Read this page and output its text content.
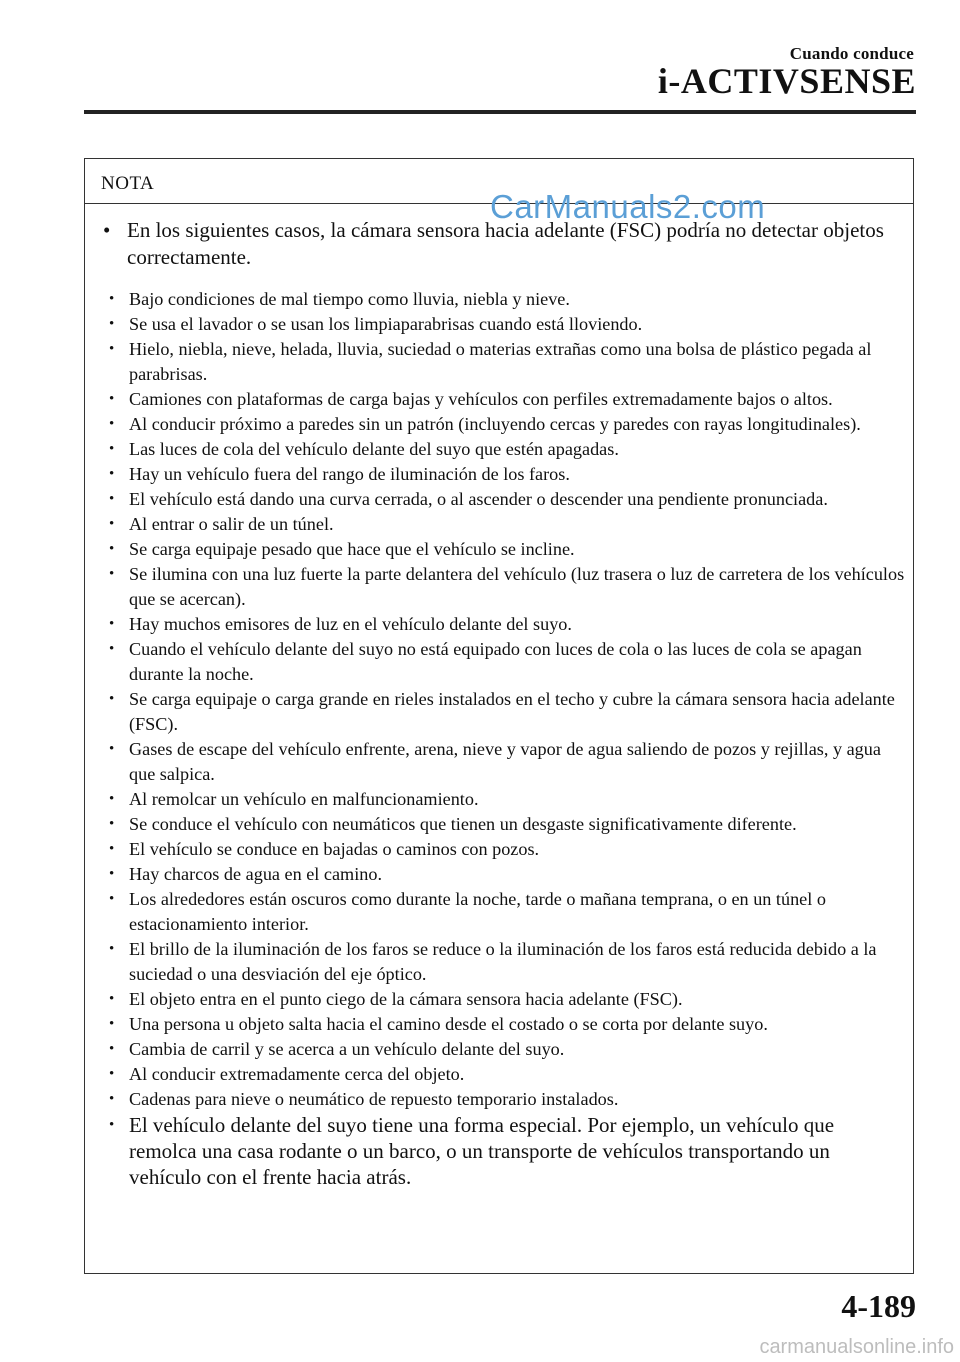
Cuando conduce
i-ACTIVSENSE
NOTA
• En los siguientes casos, la cámara sensora hacia adelante (FSC) podría no detectar objetos correctamente.
• Bajo condiciones de mal tiempo como lluvia, niebla y nieve.
• Se usa el lavador o se usan los limpiaparabrisas cuando está lloviendo.
• Hielo, niebla, nieve, helada, lluvia, suciedad o materias extrañas como una bolsa de plástico pegada al parabrisas.
• Camiones con plataformas de carga bajas y vehículos con perfiles extremadamente bajos o altos.
• Al conducir próximo a paredes sin un patrón (incluyendo cercas y paredes con rayas longitudinales).
• Las luces de cola del vehículo delante del suyo que estén apagadas.
• Hay un vehículo fuera del rango de iluminación de los faros.
• El vehículo está dando una curva cerrada, o al ascender o descender una pendiente pronunciada.
• Al entrar o salir de un túnel.
• Se carga equipaje pesado que hace que el vehículo se incline.
• Se ilumina con una luz fuerte la parte delantera del vehículo (luz trasera o luz de carretera de los vehículos que se acercan).
• Hay muchos emisores de luz en el vehículo delante del suyo.
• Cuando el vehículo delante del suyo no está equipado con luces de cola o las luces de cola se apagan durante la noche.
• Se carga equipaje o carga grande en rieles instalados en el techo y cubre la cámara sensora hacia adelante (FSC).
• Gases de escape del vehículo enfrente, arena, nieve y vapor de agua saliendo de pozos y rejillas, y agua que salpica.
• Al remolcar un vehículo en malfuncionamiento.
• Se conduce el vehículo con neumáticos que tienen un desgaste significativamente diferente.
• El vehículo se conduce en bajadas o caminos con pozos.
• Hay charcos de agua en el camino.
• Los alrededores están oscuros como durante la noche, tarde o mañana temprana, o en un túnel o estacionamiento interior.
• El brillo de la iluminación de los faros se reduce o la iluminación de los faros está reducida debido a la suciedad o una desviación del eje óptico.
• El objeto entra en el punto ciego de la cámara sensora hacia adelante (FSC).
• Una persona u objeto salta hacia el camino desde el costado o se corta por delante suyo.
• Cambia de carril y se acerca a un vehículo delante del suyo.
• Al conducir extremadamente cerca del objeto.
• Cadenas para nieve o neumático de repuesto temporario instalados.
• El vehículo delante del suyo tiene una forma especial. Por ejemplo, un vehículo que remolca una casa rodante o un barco, o un transporte de vehículos transportando un vehículo con el frente hacia atrás.
CarManuals2.com
4-189
carmanualsonline.info
